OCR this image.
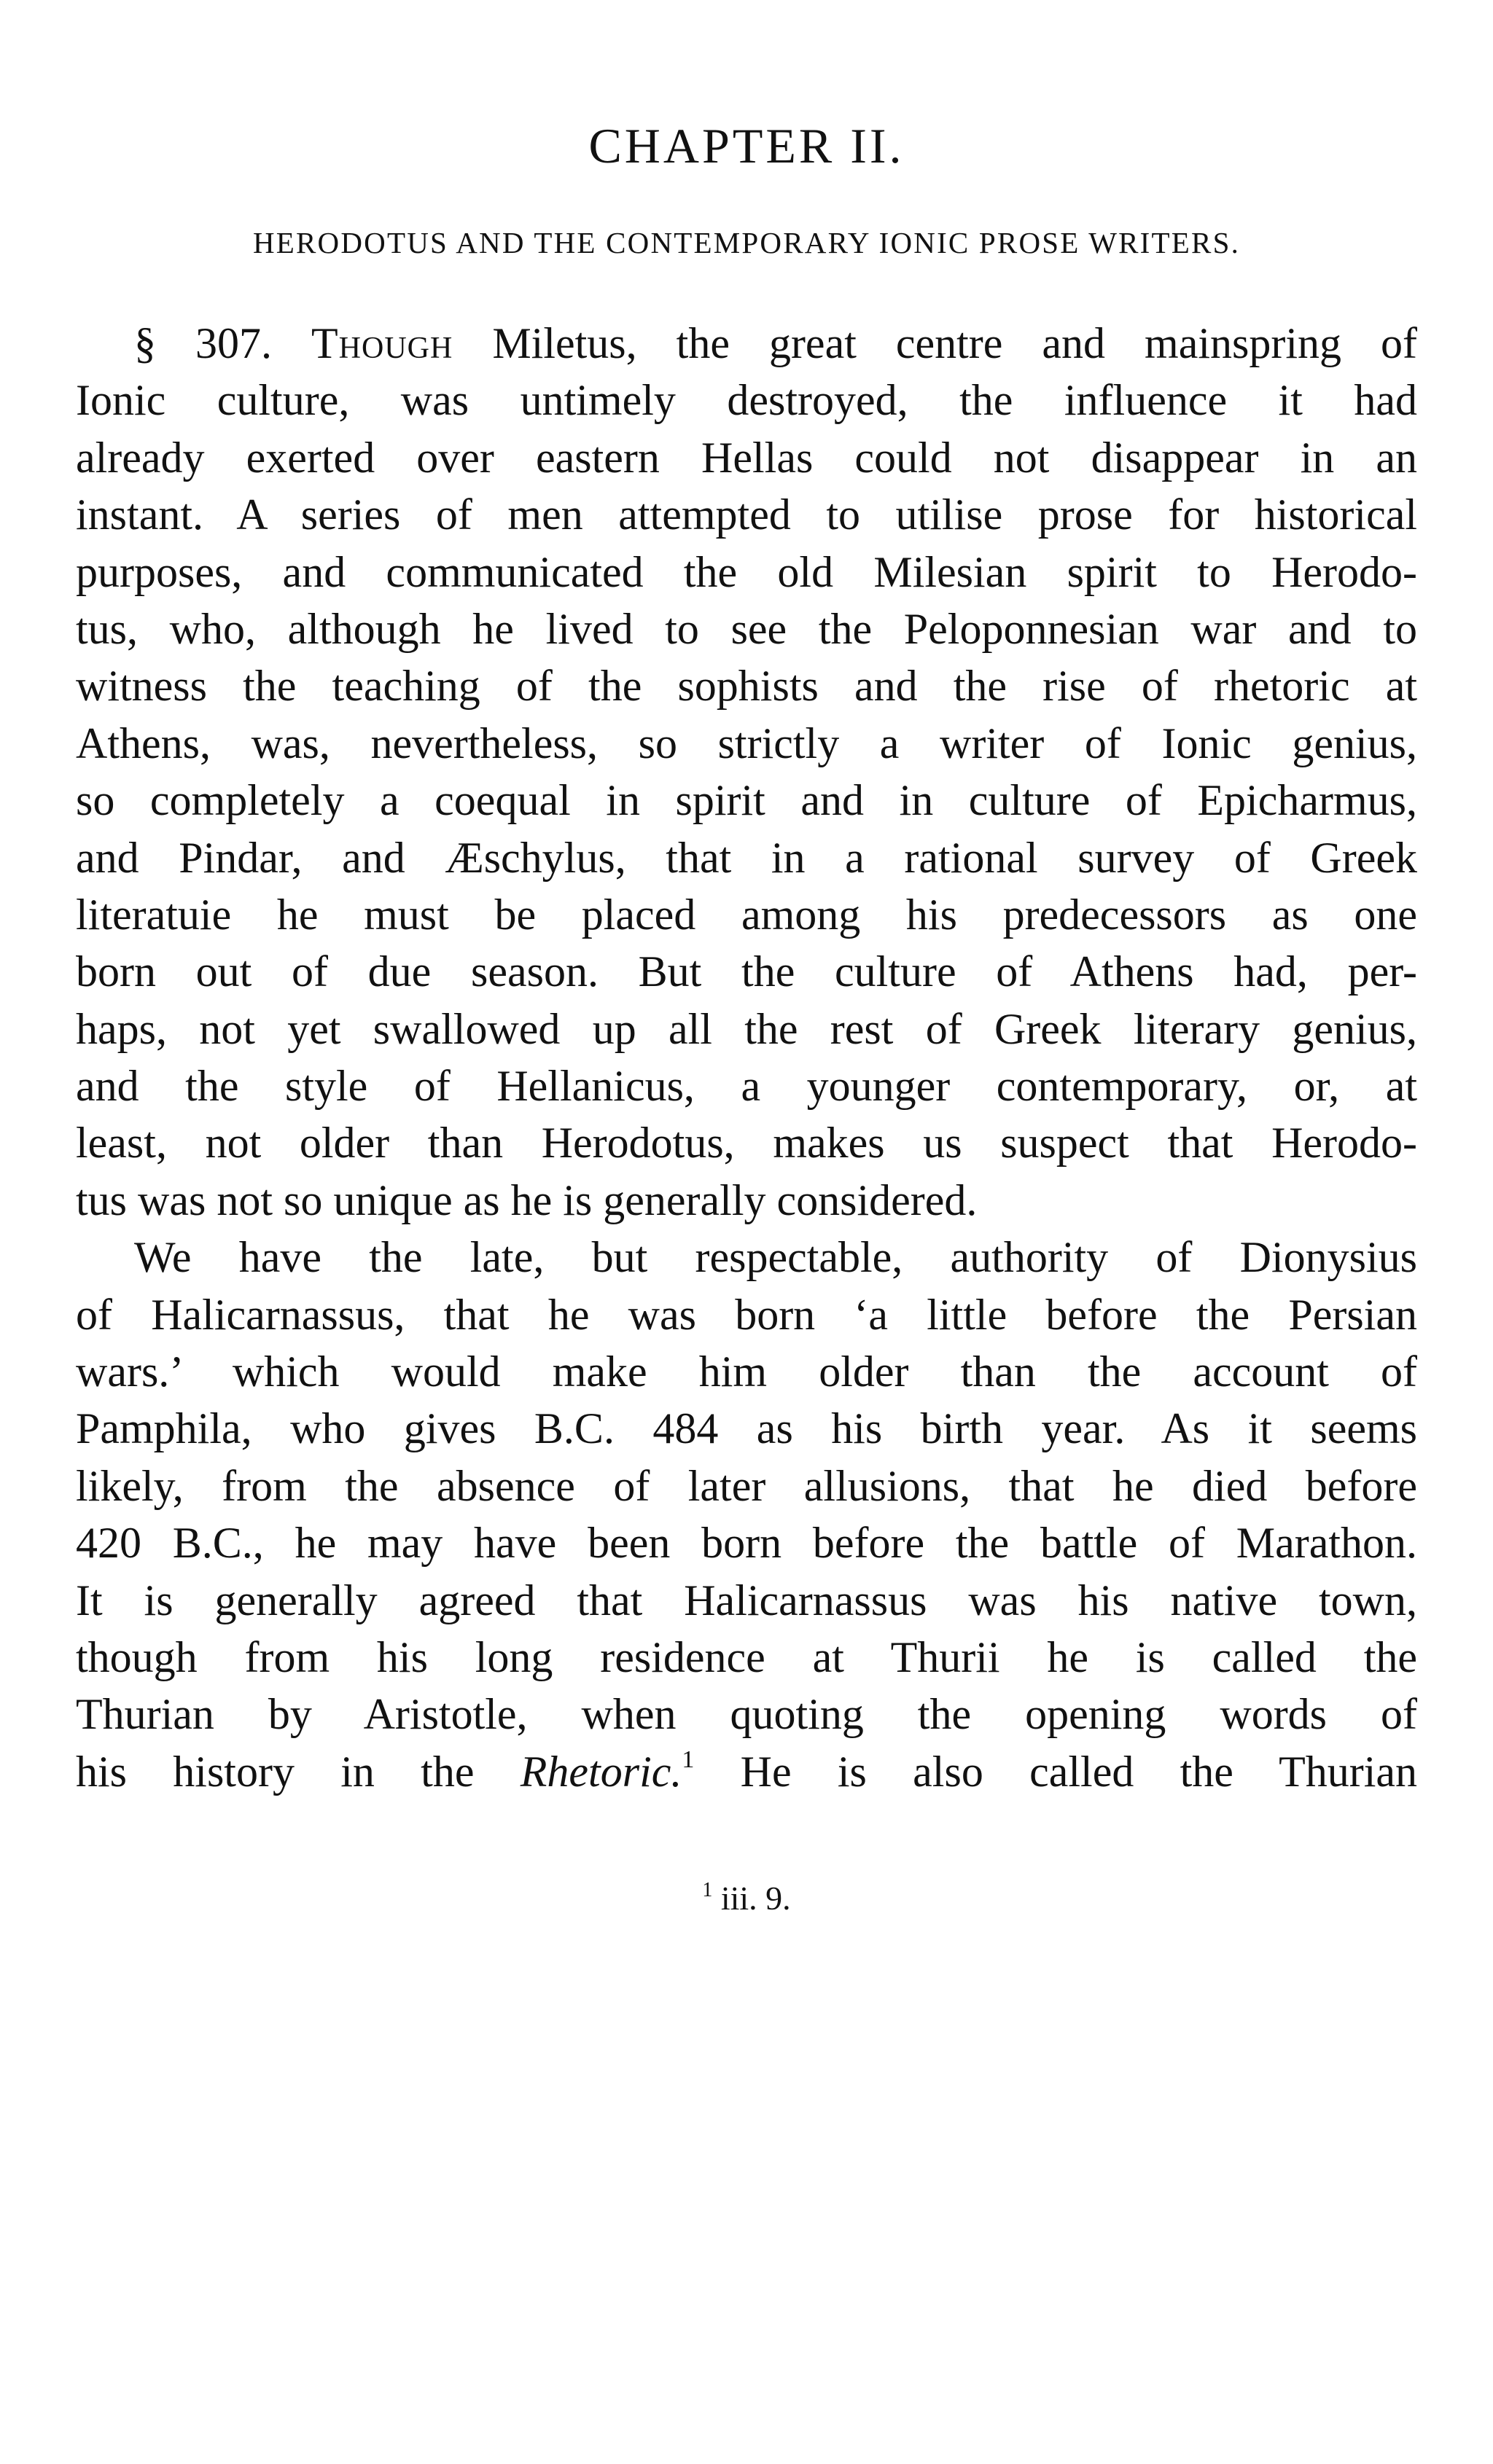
CHAPTER II.
HERODOTUS AND THE CONTEMPORARY IONIC PROSE WRITERS.
§ 307. Though Miletus, the great centre and mainspring of
Ionic culture, was untimely destroyed, the influence it had
already exerted over eastern Hellas could not disappear in an
instant. A series of men attempted to utilise prose for historical
purposes, and communicated the old Milesian spirit to Herodo-
tus, who, although he lived to see the Peloponnesian war and to
witness the teaching of the sophists and the rise of rhetoric at
Athens, was, nevertheless, so strictly a writer of Ionic genius,
so completely a coequal in spirit and in culture of Epicharmus,
and Pindar, and Æschylus, that in a rational survey of Greek
literatuie he must be placed among his predecessors as one
born out of due season. But the culture of Athens had, per-
haps, not yet swallowed up all the rest of Greek literary genius,
and the style of Hellanicus, a younger contemporary, or, at
least, not older than Herodotus, makes us suspect that Herodo-
tus was not so unique as he is generally considered.
We have the late, but respectable, authority of Dionysius
of Halicarnassus, that he was born ‘a little before the Persian
wars.’ which would make him older than the account of
Pamphila, who gives B.C. 484 as his birth year. As it seems
likely, from the absence of later allusions, that he died before
420 B.C., he may have been born before the battle of Marathon.
It is generally agreed that Halicarnassus was his native town,
though from his long residence at Thurii he is called the
Thurian by Aristotle, when quoting the opening words of
his history in the Rhetoric.$^1$ He is also called the Thurian
$^1$ iii. 9.
